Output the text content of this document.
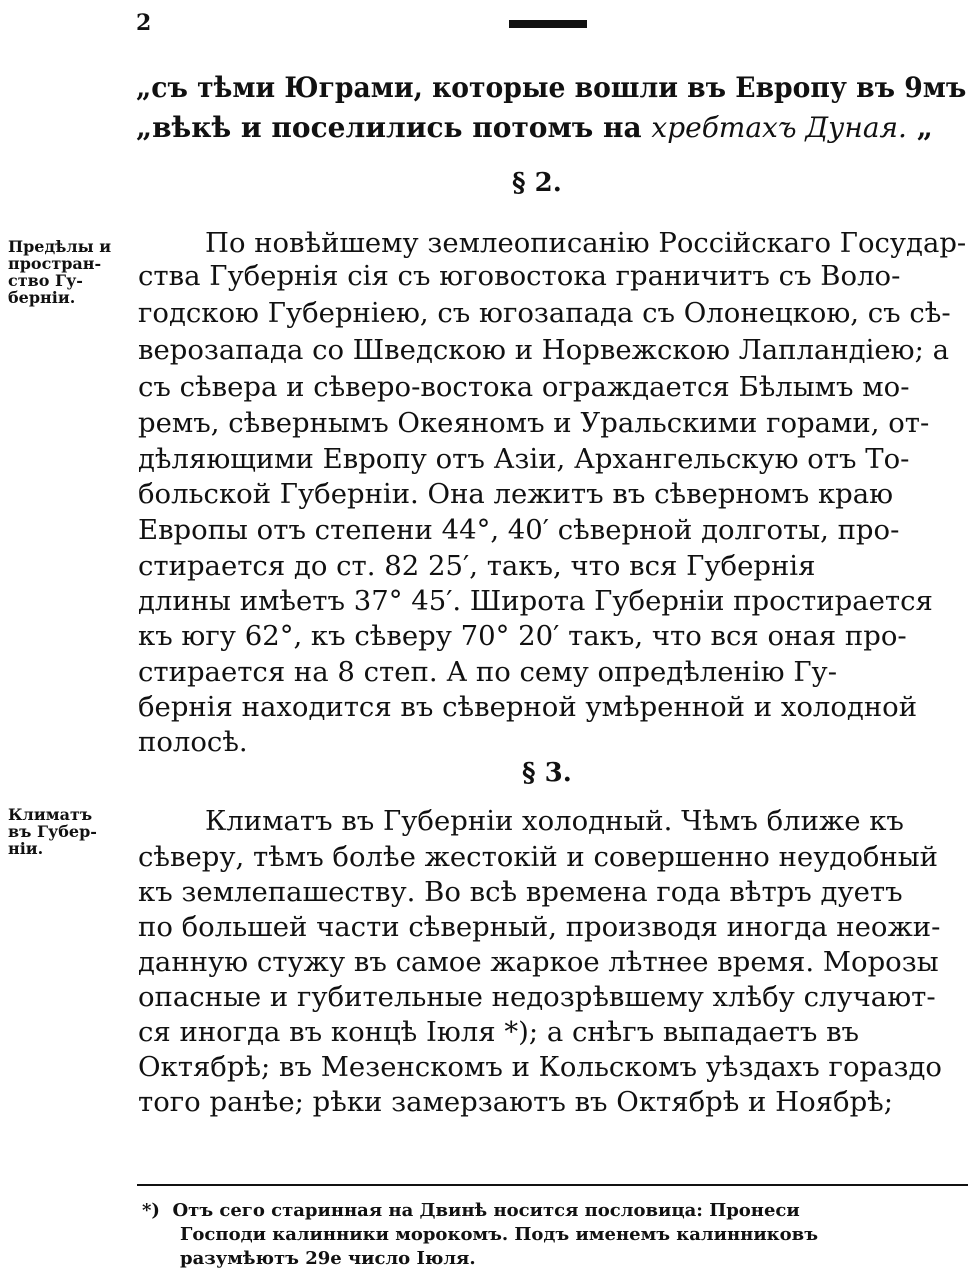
2
„съ тѣми Юграми, которые вошли въ Европу въ 9мъ
„вѣкѣ и поселились потомъ на хребтахъ Дуная. „
§ 2.
Предѣлы и
простран-
ство Гу-
берніи.
По новѣйшему землеописанію Россійскаго Государ-
ства Губернія сія съ юговостока граничитъ съ Воло-
годскою Губерніею, съ югозапада съ Олонецкою, съ сѣ-
верозапада со Шведскою и Норвежскою Лапландіею; а
съ сѣвера и сѣверо-востока ограждается Бѣлымъ мо-
ремъ, сѣвернымъ Океяномъ и Уральскими горами, от-
дѣляющими Европу отъ Азіи, Архангельскую отъ То-
больской Губерніи. Она лежитъ въ сѣверномъ краю
Европы отъ степени 44°, 40′ сѣверной долготы, про-
стирается до ст. 82 25′, такъ, что вся Губернія
длины имѣетъ 37° 45′. Широта Губерніи простирается
къ югу 62°, къ сѣверу 70° 20′ такъ, что вся оная про-
стирается на 8 степ. А по сему опредѣленію Гу-
бернія находится въ сѣверной умѣренной и холодной
полосѣ.
§ 3.
Климатъ
въ Губер-
ніи.
Климатъ въ Губерніи холодный. Чѣмъ ближе къ
сѣверу, тѣмъ болѣе жестокій и совершенно неудобный
къ землепашеству. Во всѣ времена года вѣтръ дуетъ
по большей части сѣверный, производя иногда неожи-
данную стужу въ самое жаркое лѣтнее время. Морозы
опасные и губительные недозрѣвшему хлѣбу случают-
ся иногда въ концѣ Іюля *); а снѣгъ выпадаетъ въ
Октябрѣ; въ Мезенскомъ и Кольскомъ уѣздахъ гораздо
того ранѣе; рѣки замерзаютъ въ Октябрѣ и Ноябрѣ;
*) Отъ сего старинная на Двинѣ носится пословица: Пронеси
Господи калинники морокомъ. Подъ именемъ калинниковъ
разумѣютъ 29е число Іюля.
